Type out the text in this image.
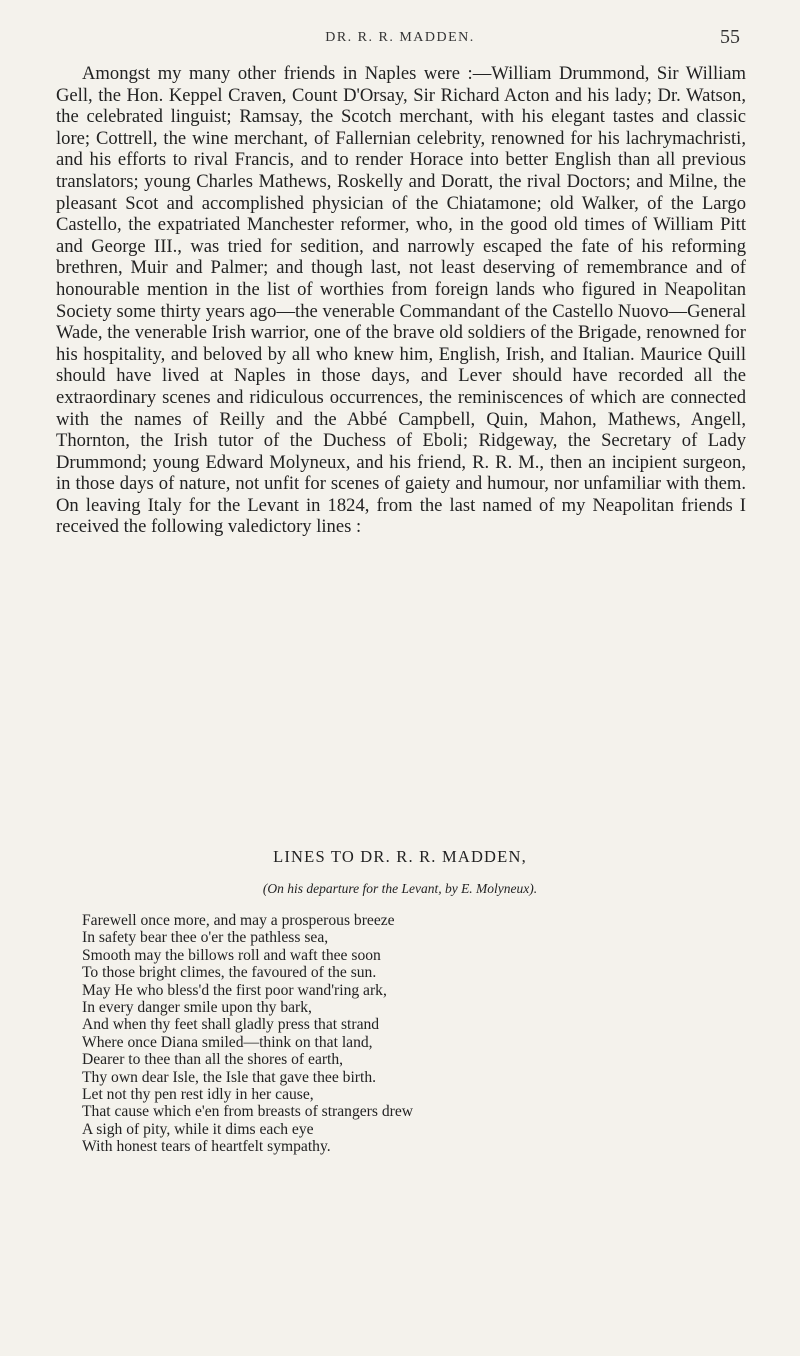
DR. R. R. MADDEN.	55

Amongst my many other friends in Naples were :—William Drummond, Sir William Gell, the Hon. Keppel Craven, Count D'Orsay, Sir Richard Acton and his lady; Dr. Watson, the celebrated linguist; Ramsay, the Scotch merchant, with his elegant tastes and classic lore; Cottrell, the wine merchant, of Fallernian celebrity, renowned for his lachrymachristi, and his efforts to rival Francis, and to render Horace into better English than all previous translators; young Charles Mathews, Roskelly and Doratt, the rival Doctors; and Milne, the pleasant Scot and accomplished physician of the Chiatamone; old Walker, of the Largo Castello, the expatriated Manchester reformer, who, in the good old times of William Pitt and George III., was tried for sedition, and narrowly escaped the fate of his reforming brethren, Muir and Palmer; and though last, not least deserving of remembrance and of honourable mention in the list of worthies from foreign lands who figured in Neapolitan Society some thirty years ago—the venerable Commandant of the Castello Nuovo—General Wade, the venerable Irish warrior, one of the brave old soldiers of the Brigade, renowned for his hospitality, and beloved by all who knew him, English, Irish, and Italian. Maurice Quill should have lived at Naples in those days, and Lever should have recorded all the extraordinary scenes and ridiculous occurrences, the reminiscences of which are connected with the names of Reilly and the Abbé Campbell, Quin, Mahon, Mathews, Angell, Thornton, the Irish tutor of the Duchess of Eboli; Ridgeway, the Secretary of Lady Drummond; young Edward Molyneux, and his friend, R. R. M., then an incipient surgeon, in those days of nature, not unfit for scenes of gaiety and humour, nor unfamiliar with them. On leaving Italy for the Levant in 1824, from the last named of my Neapolitan friends I received the following valedictory lines :

LINES TO DR. R. R. MADDEN,
(On his departure for the Levant, by E. Molyneux).
Farewell once more, and may a prosperous breeze
In safety bear thee o'er the pathless sea,
Smooth may the billows roll and waft thee soon
To those bright climes, the favoured of the sun.
May He who bless'd the first poor wand'ring ark,
In every danger smile upon thy bark,
And when thy feet shall gladly press that strand
Where once Diana smiled—think on that land,
Dearer to thee than all the shores of earth,
Thy own dear Isle, the Isle that gave thee birth.
Let not thy pen rest idly in her cause,
That cause which e'en from breasts of strangers drew
A sigh of pity, while it dims each eye
With honest tears of heartfelt sympathy.
